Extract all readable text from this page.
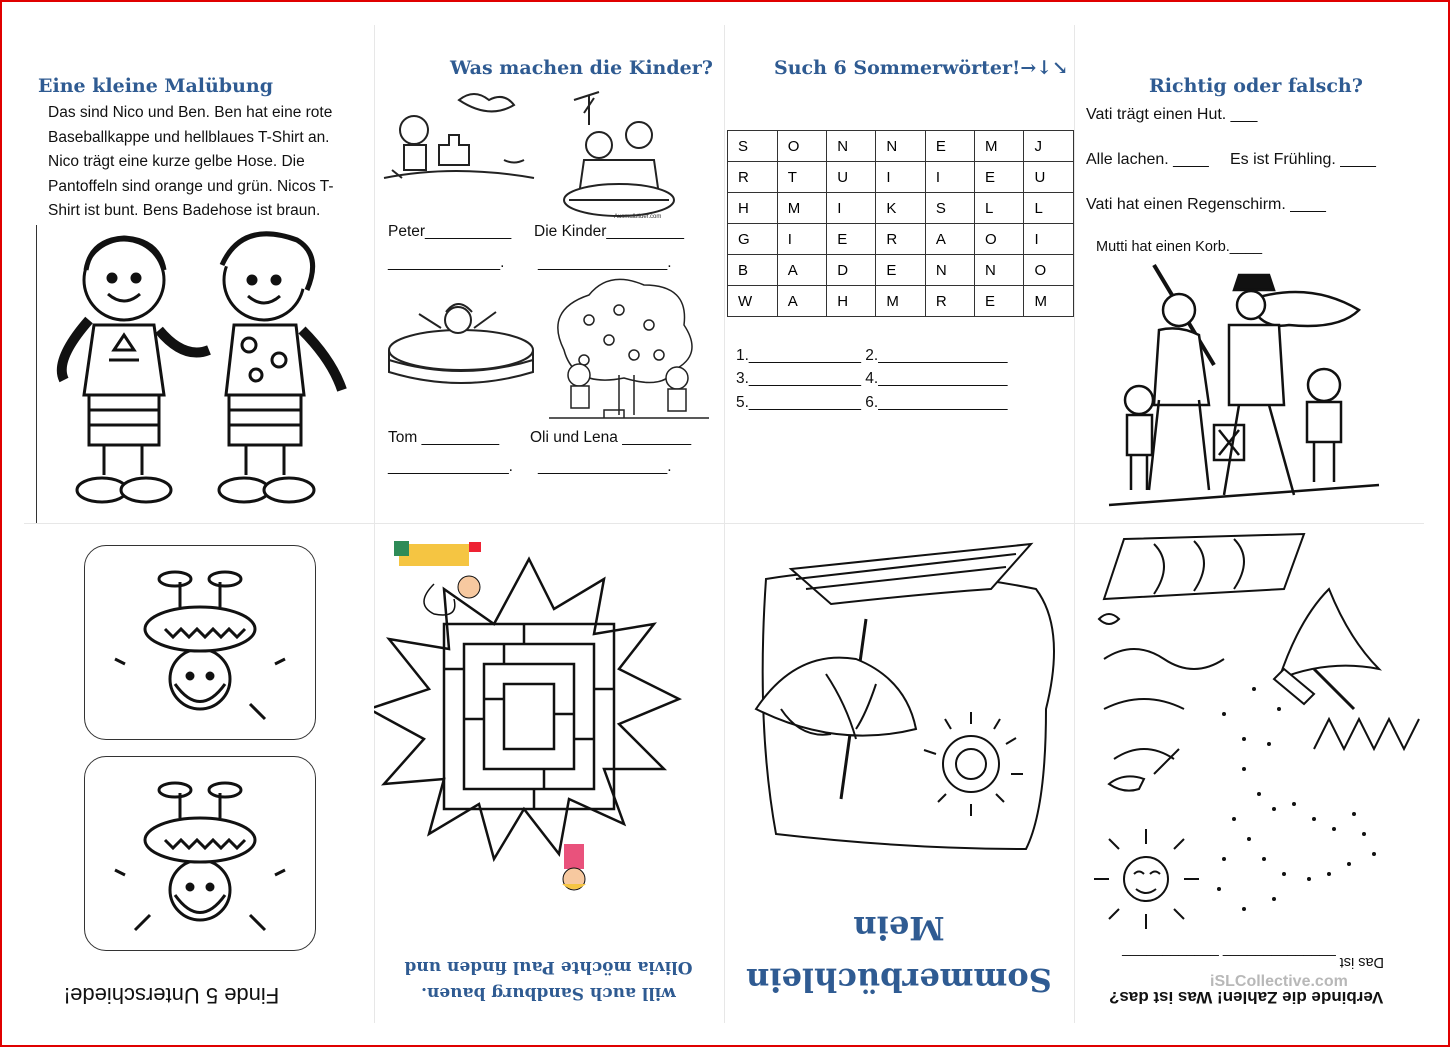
Eine kleine Malübung
Das sind Nico und Ben. Ben hat eine rote
Baseballkappe und hellblaues T-Shirt an.
Nico trägt eine kurze gelbe Hose. Die
Pantoffeln sind orange und grün. Nicos T-
Shirt ist bunt. Bens Badehose ist braun.
Was machen die Kinder?
Ausmalbilder.com
Peter__________ Die Kinder_________
_____________. _______________.
Tom _________ Oli und Lena ________
______________. _______________.
Such 6 Sommerwörter!→↓↘
S	O	N	N	E	M	J
R	T	U	I	I	E	U
H	M	I	K	S	L	L
G	I	E	R	A	O	I
B	A	D	E	N	N	O
W	A	H	M	R	E	M
1._____________ 2._______________
3._____________ 4._______________
5._____________ 6._______________
Richtig oder falsch?
Vati trägt einen Hut. ___
Alle lachen. ____ Es ist Frühling. ____
Vati hat einen Regenschirm. ____
Mutti hat einen Korb.____
Finde 5 Unterschiede!	will auch Sandburg bauen.
Olivia möchte Paul finden und	Sommerbüchlein
Mein
Das ist ______________ ____________
Verbinde die Zahlen! Was ist das?
iSLCollective.com
